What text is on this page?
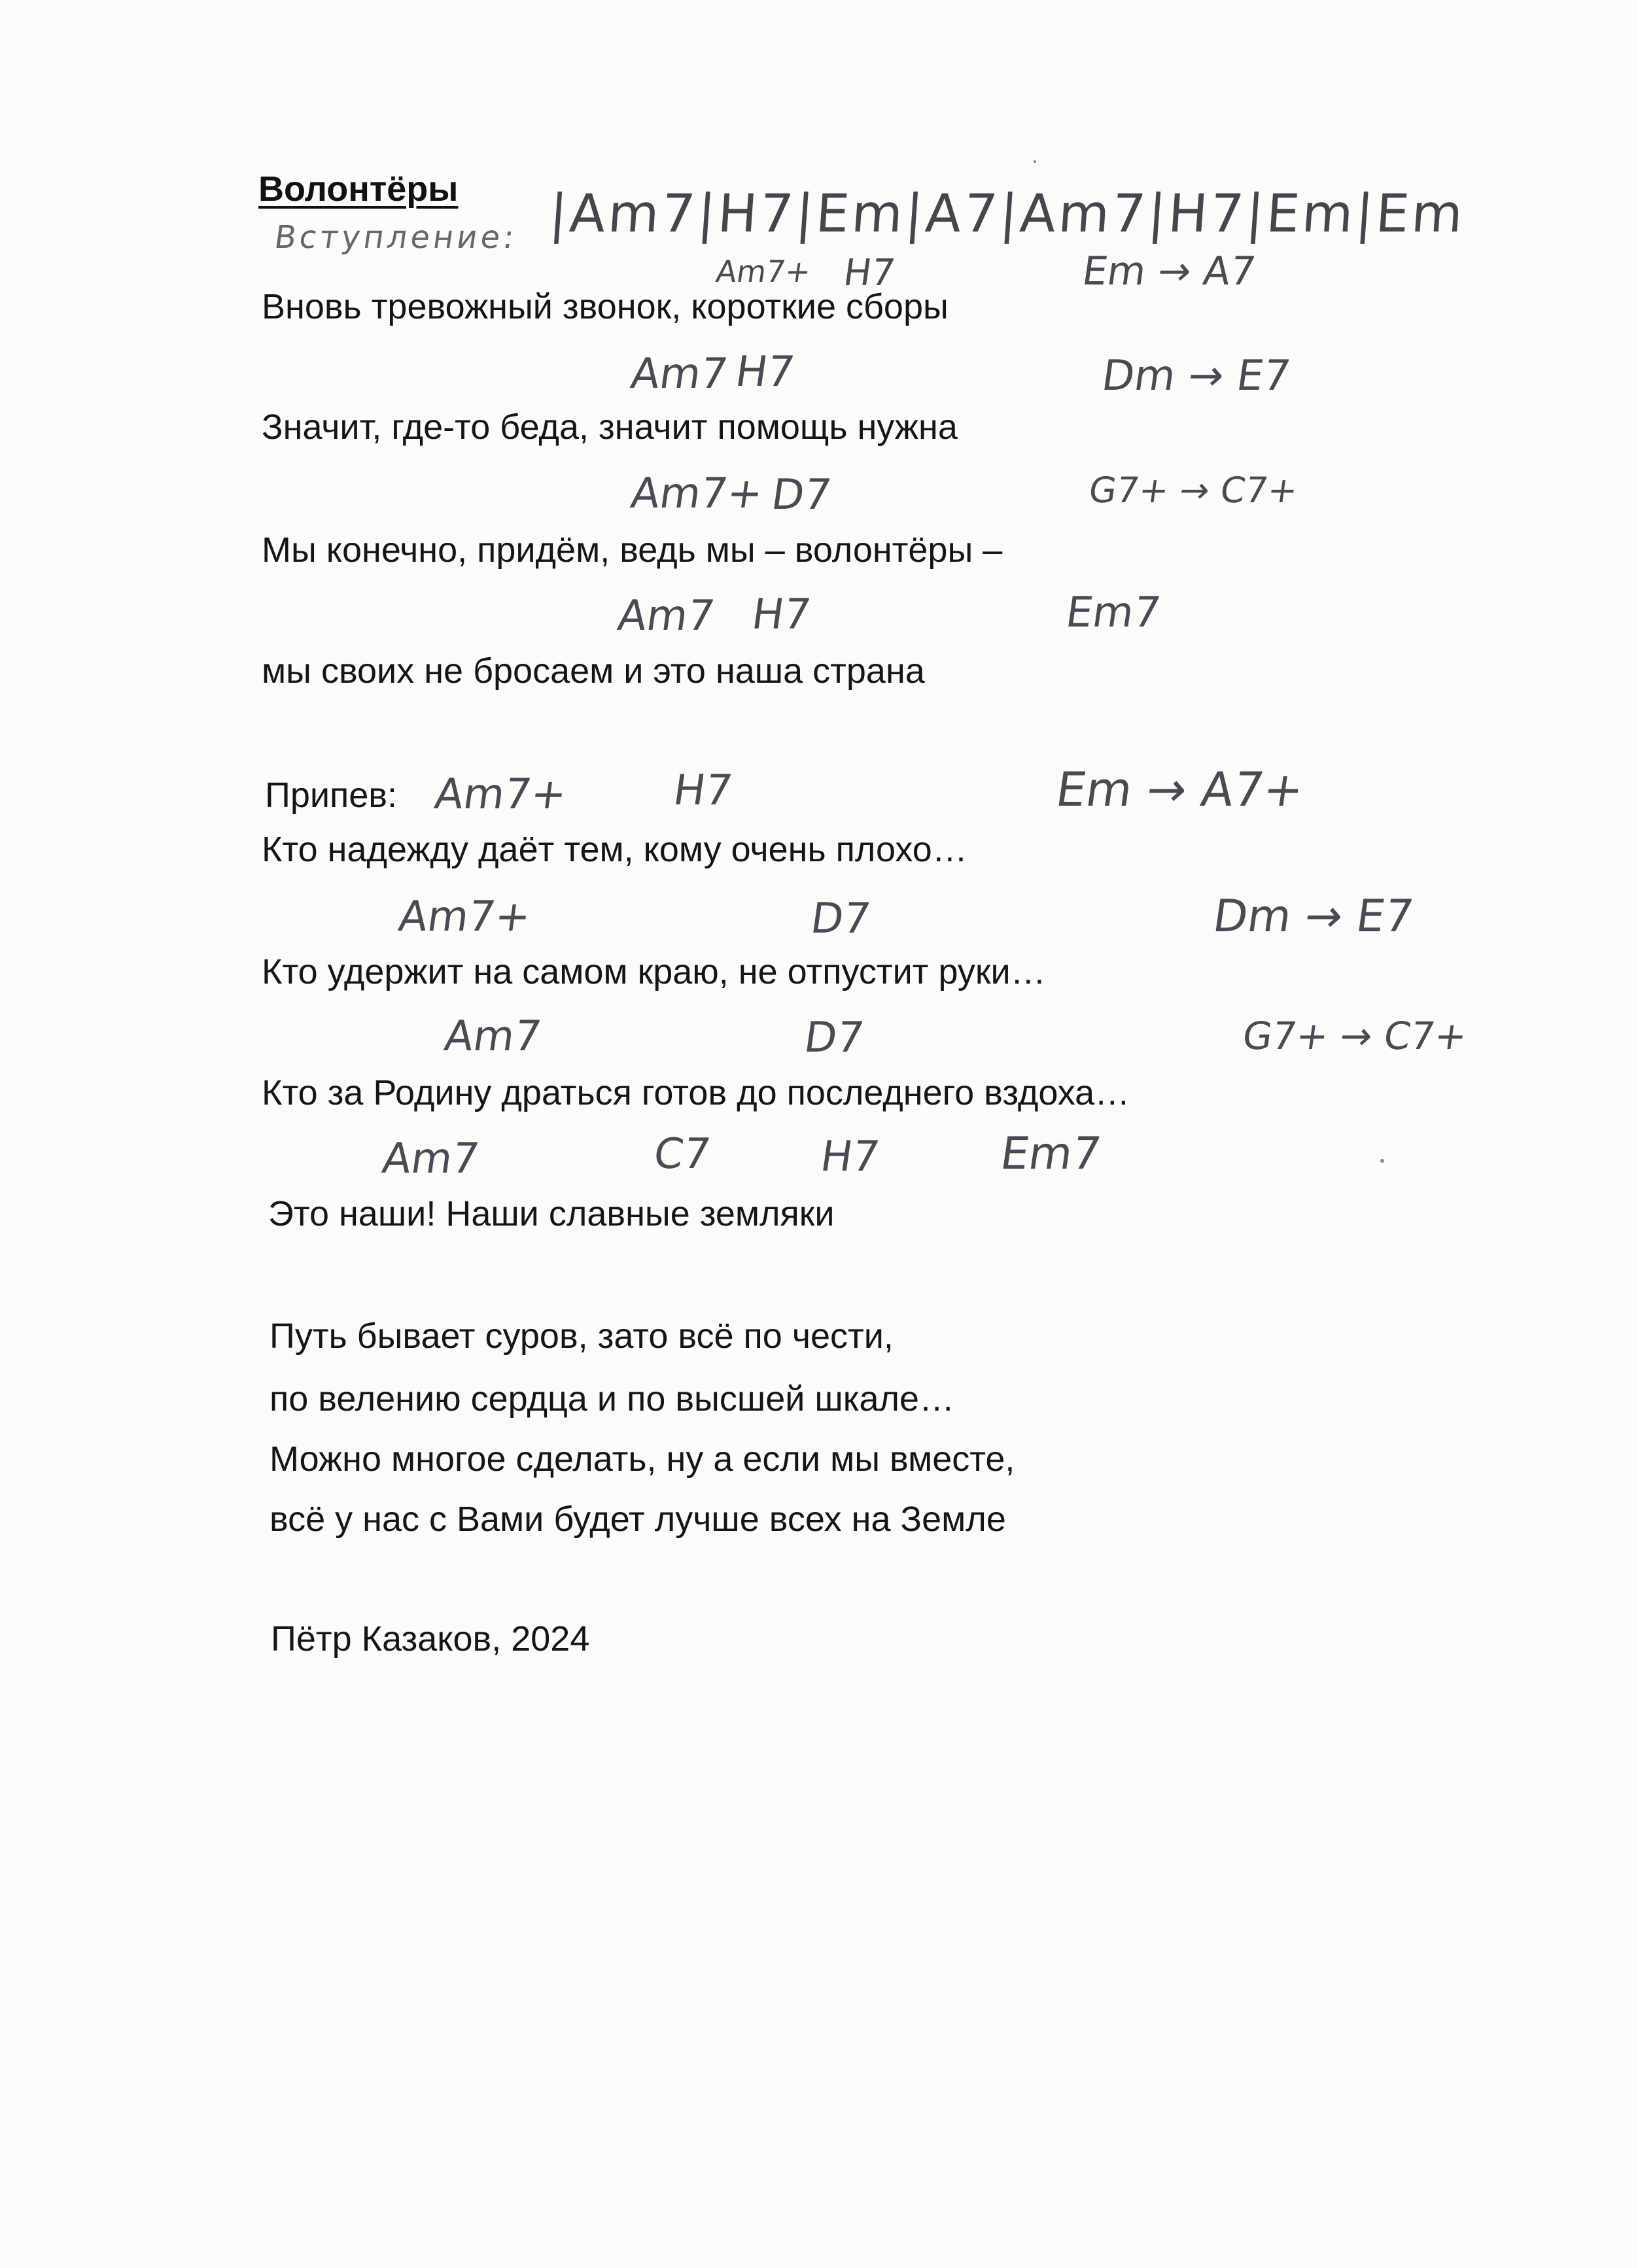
Волонтёры
Вступление: |Am7|H7|Em|A7|Am7|H7|Em|Em
Am7+ H7	Em → A7
Вновь тревожный звонок, короткие сборы
Am7 H7	Dm → E7
Значит, где-то беда, значит помощь нужна
Am7+ D7	G7+ → C7+
Мы конечно, придём, ведь мы – волонтёры –
Am7 H7	Em7
мы своих не бросаем и это наша страна
Припев: Am7+ H7	Em → A7+
Кто надежду даёт тем, кому очень плохо…
Am7+	D7	Dm → E7
Кто удержит на самом краю, не отпустит руки…
Am7	D7	G7+ → C7+
Кто за Родину драться готов до последнего вздоха…
Am7	C7 H7	Em7
Это наши! Наши славные земляки
Путь бывает суров, зато всё по чести,
по велению сердца и по высшей шкале…
Можно многое сделать, ну а если мы вместе,
всё у нас с Вами будет лучше всех на Земле
Пётр Казаков, 2024
